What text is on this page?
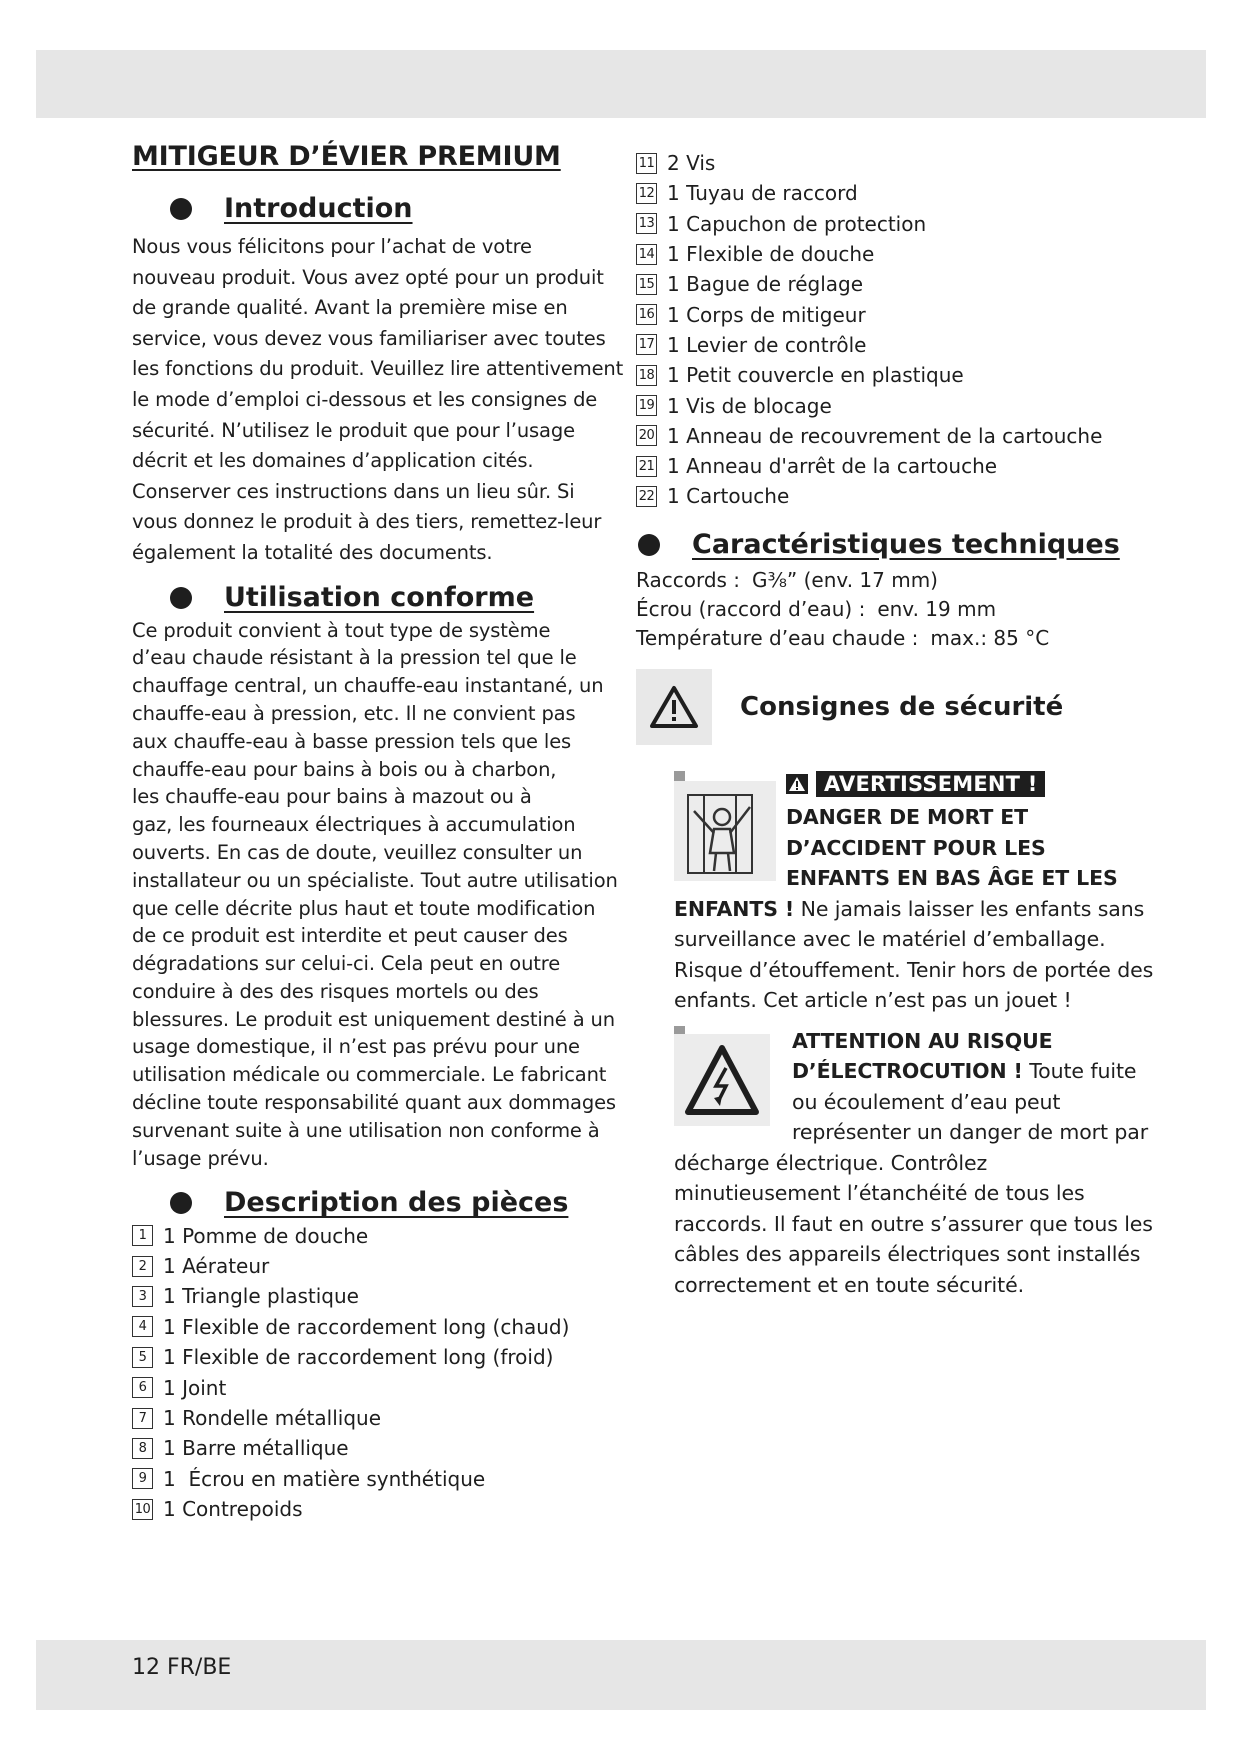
MITIGEUR D’ÉVIER PREMIUM
Introduction

Nous vous félicitons pour l’achat de votre
nouveau produit. Vous avez opté pour un produit
de grande qualité. Avant la première mise en
service, vous devez vous familiariser avec toutes
les fonctions du produit. Veuillez lire attentivement
le mode d’emploi ci-dessous et les consignes de
sécurité. N’utilisez le produit que pour l’usage
décrit et les domaines d’application cités.
Conserver ces instructions dans un lieu sûr. Si
vous donnez le produit à des tiers, remettez-leur
également la totalité des documents.

Utilisation conforme

Ce produit convient à tout type de système
d’eau chaude résistant à la pression tel que le
chauffage central, un chauffe-eau instantané, un
chauffe-eau à pression, etc. Il ne convient pas
aux chauffe-eau à basse pression tels que les
chauffe-eau pour bains à bois ou à charbon,
les chauffe-eau pour bains à mazout ou à
gaz, les fourneaux électriques à accumulation
ouverts. En cas de doute, veuillez consulter un
installateur ou un spécialiste. Tout autre utilisation
que celle décrite plus haut et toute modification
de ce produit est interdite et peut causer des
dégradations sur celui-ci. Cela peut en outre
conduire à des des risques mortels ou des
blessures. Le produit est uniquement destiné à un
usage domestique, il n’est pas prévu pour une
utilisation médicale ou commerciale. Le fabricant
décline toute responsabilité quant aux dommages
survenant suite à une utilisation non conforme à
l’usage prévu.

Description des pièces
1 1 Pomme de douche
2 1 Aérateur
3 1 Triangle plastique
4 1 Flexible de raccordement long (chaud)
5 1 Flexible de raccordement long (froid)
6 1 Joint
7 1 Rondelle métallique
8 1 Barre métallique
9 1  Écrou en matière synthétique
10 1 Contrepoids
11 2 Vis
12 1 Tuyau de raccord
13 1 Capuchon de protection
14 1 Flexible de douche
15 1 Bague de réglage
16 1 Corps de mitigeur
17 1 Levier de contrôle
18 1 Petit couvercle en plastique
19 1 Vis de blocage
20 1 Anneau de recouvrement de la cartouche
21 1 Anneau d'arrêt de la cartouche
22 1 Cartouche
Caractéristiques techniques
Raccords : G³⁄₈” (env. 17 mm)
Écrou (raccord d’eau) : env. 19 mm
Température d’eau chaude : max.: 85 °C
Consignes de sécurité
AVERTISSEMENT !

DANGER DE MORT ET D’ACCIDENT POUR LES ENFANTS EN BAS ÂGE ET LES ENFANTS ! Ne jamais laisser les enfants sans surveillance avec le matériel d’emballage. Risque d’étouffement. Tenir hors de portée des enfants. Cet article n’est pas un jouet !
ATTENTION AU RISQUE D’ÉLECTROCUTION ! Toute fuite ou écoulement d’eau peut représenter un danger de mort par décharge électrique. Contrôlez minutieusement l’étanchéité de tous les raccords. Il faut en outre s’assurer que tous les câbles des appareils électriques sont installés correctement et en toute sécurité.
12 FR/BE
